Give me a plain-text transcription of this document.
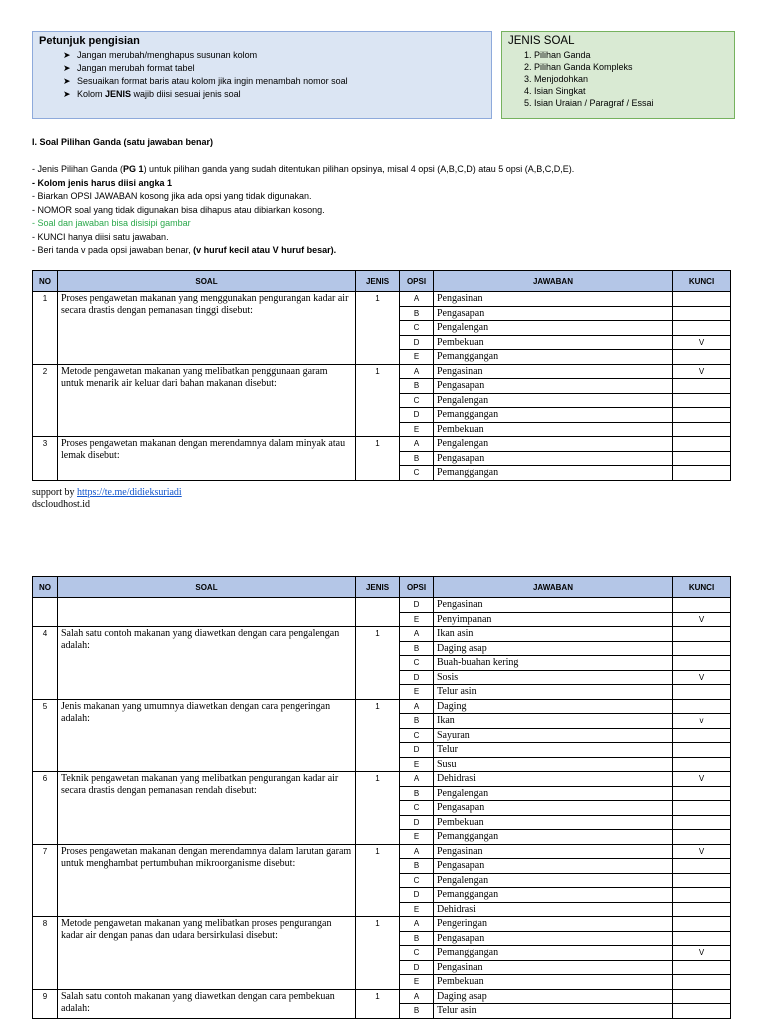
Petunjuk pengisian
➤ Jangan merubah/menghapus susunan kolom
➤ Jangan merubah format tabel
➤ Sesuaikan format baris atau kolom jika ingin menambah nomor soal
➤ Kolom JENIS wajib diisi sesuai jenis soal
JENIS SOAL
1. Pilihan Ganda
2. Pilihan Ganda Kompleks
3. Menjodohkan
4. Isian Singkat
5. Isian Uraian / Paragraf / Essai
I. Soal Pilihan Ganda (satu jawaban benar)
- Jenis Pilihan Ganda (PG 1) untuk pilihan ganda yang sudah ditentukan pilihan opsinya, misal 4 opsi (A,B,C,D) atau 5 opsi (A,B,C,D,E).
- Kolom jenis harus diisi angka 1
- Biarkan OPSI JAWABAN kosong jika ada opsi yang tidak digunakan.
- NOMOR soal yang tidak digunakan bisa dihapus atau dibiarkan kosong.
- Soal dan jawaban bisa disisipi gambar
- KUNCI hanya diisi satu jawaban.
- Beri tanda v pada opsi jawaban benar, (v huruf kecil atau V huruf besar).
NO	SOAL	JENIS	OPSI	JAWABAN	KUNCI
1	Proses pengawetan makanan yang menggunakan pengurangan kadar air secara drastis dengan pemanasan tinggi disebut:	1	A	Pengasinan	
			B	Pengasapan	
			C	Pengalengan	
			D	Pembekuan	V
			E	Pemanggangan	
2	Metode pengawetan makanan yang melibatkan penggunaan garam untuk menarik air keluar dari bahan makanan disebut:	1	A	Pengasinan	V
			B	Pengasapan	
			C	Pengalengan	
			D	Pemanggangan	
			E	Pembekuan	
3	Proses pengawetan makanan dengan merendamnya dalam minyak atau lemak disebut:	1	A	Pengalengan	
			B	Pengasapan	
			C	Pemanggangan	
support by https://te.me/didieksuriadi
dscloudhost.id
NO	SOAL	JENIS	OPSI	JAWABAN	KUNCI
			D	Pengasinan	
			E	Penyimpanan	V
4	Salah satu contoh makanan yang diawetkan dengan cara pengalengan adalah:	1	A	Ikan asin	
			B	Daging asap	
			C	Buah-buahan kering	
			D	Sosis	V
			E	Telur asin	
5	Jenis makanan yang umumnya diawetkan dengan cara pengeringan adalah:	1	A	Daging	
			B	Ikan	v
			C	Sayuran	
			D	Telur	
			E	Susu	
6	Teknik pengawetan makanan yang melibatkan pengurangan kadar air secara drastis dengan pemanasan rendah disebut:	1	A	Dehidrasi	V
			B	Pengalengan	
			C	Pengasapan	
			D	Pembekuan	
			E	Pemanggangan	
7	Proses pengawetan makanan dengan merendamnya dalam larutan garam untuk menghambat pertumbuhan mikroorganisme disebut:	1	A	Pengasinan	V
			B	Pengasapan	
			C	Pengalengan	
			D	Pemanggangan	
			E	Dehidrasi	
8	Metode pengawetan makanan yang melibatkan proses pengurangan kadar air dengan panas dan udara bersirkulasi disebut:	1	A	Pengeringan	
			B	Pengasapan	
			C	Pemanggangan	V
			D	Pengasinan	
			E	Pembekuan	
9	Salah satu contoh makanan yang diawetkan dengan cara pembekuan adalah:	1	A	Daging asap	
			B	Telur asin	
